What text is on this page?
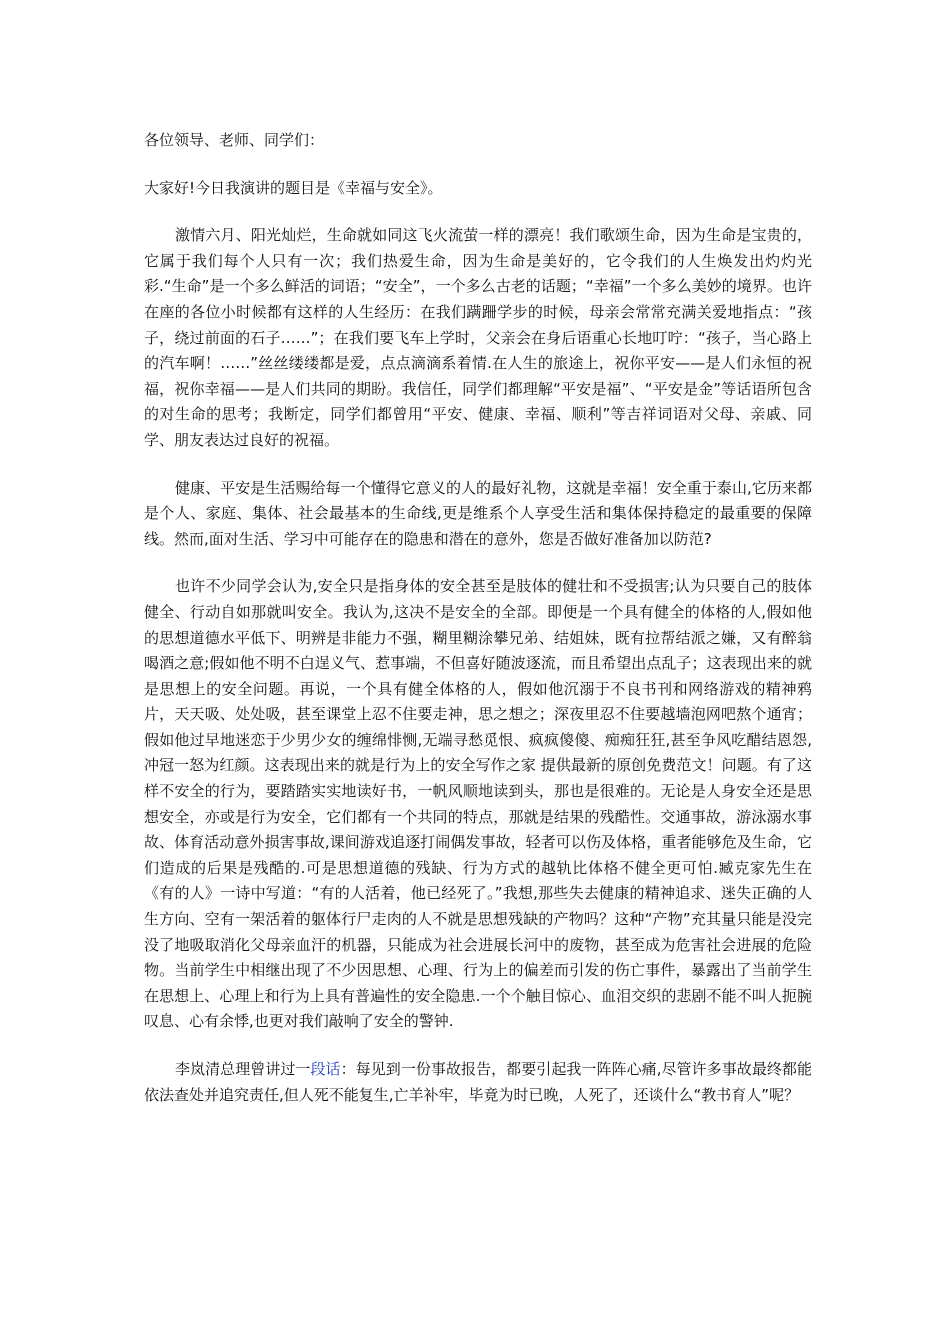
各位领导、老师、同学们：

大家好!今日我演讲的题目是《幸福与安全》。

激情六月、阳光灿烂，生命就如同这飞火流萤一样的漂亮！我们歌颂生命，因为生命是宝贵的，它属于我们每个人只有一次；我们热爱生命，因为生命是美好的，它令我们的人生焕发出灼灼光彩.“生命”是一个多么鲜活的词语；“安全”，一个多么古老的话题；“幸福”一个多么美妙的境界。也许在座的各位小时候都有这样的人生经历：在我们蹒跚学步的时候，母亲会常常充满关爱地指点：“孩子，绕过前面的石子……”；在我们要飞车上学时，父亲会在身后语重心长地叮咛：“孩子，当心路上的汽车啊！……”丝丝缕缕都是爱，点点滴滴系着情.在人生的旅途上，祝你平安——是人们永恒的祝福，祝你幸福——是人们共同的期盼。我信任，同学们都理解“平安是福”、“平安是金”等话语所包含的对生命的思考；我断定，同学们都曾用“平安、健康、幸福、顺利”等吉祥词语对父母、亲戚、同学、朋友表达过良好的祝福。

健康、平安是生活赐给每一个懂得它意义的人的最好礼物，这就是幸福！安全重于泰山,它历来都是个人、家庭、集体、社会最基本的生命线,更是维系个人享受生活和集体保持稳定的最重要的保障线。然而,面对生活、学习中可能存在的隐患和潜在的意外，您是否做好准备加以防范?

也许不少同学会认为,安全只是指身体的安全甚至是肢体的健壮和不受损害;认为只要自己的肢体健全、行动自如那就叫安全。我认为,这决不是安全的全部。即便是一个具有健全的体格的人,假如他的思想道德水平低下、明辨是非能力不强，糊里糊涂攀兄弟、结姐妹，既有拉帮结派之嫌，又有醉翁喝酒之意;假如他不明不白逞义气、惹事端，不但喜好随波逐流，而且希望出点乱子；这表现出来的就是思想上的安全问题。再说，一个具有健全体格的人，假如他沉溺于不良书刊和网络游戏的精神鸦片，天天吸、处处吸，甚至课堂上忍不住要走神，思之想之；深夜里忍不住要越墙泡网吧熬个通宵；假如他过早地迷恋于少男少女的缠绵悱恻,无端寻愁觅恨、疯疯傻傻、痴痴狂狂,甚至争风吃醋结恩怨,冲冠一怒为红颜。这表现出来的就是行为上的安全写作之家 提供最新的原创免费范文！问题。有了这样不安全的行为，要踏踏实实地读好书，一帆风顺地读到头，那也是很难的。无论是人身安全还是思想安全，亦或是行为安全，它们都有一个共同的特点，那就是结果的残酷性。交通事故，游泳溺水事故、体育活动意外损害事故,课间游戏追逐打闹偶发事故，轻者可以伤及体格，重者能够危及生命，它们造成的后果是残酷的.可是思想道德的残缺、行为方式的越轨比体格不健全更可怕.臧克家先生在《有的人》一诗中写道：“有的人活着，他已经死了。”我想,那些失去健康的精神追求、迷失正确的人生方向、空有一架活着的躯体行尸走肉的人不就是思想残缺的产物吗？这种“产物”充其量只能是没完没了地吸取消化父母亲血汗的机器，只能成为社会进展长河中的废物，甚至成为危害社会进展的危险物。当前学生中相继出现了不少因思想、心理、行为上的偏差而引发的伤亡事件，暴露出了当前学生在思想上、心理上和行为上具有普遍性的安全隐患.一个个触目惊心、血泪交织的悲剧不能不叫人扼腕叹息、心有余悸,也更对我们敲响了安全的警钟.

李岚清总理曾讲过一段话：每见到一份事故报告，都要引起我一阵阵心痛,尽管许多事故最终都能依法查处并追究责任,但人死不能复生,亡羊补牢，毕竟为时已晚，人死了，还谈什么“教书育人”呢？
